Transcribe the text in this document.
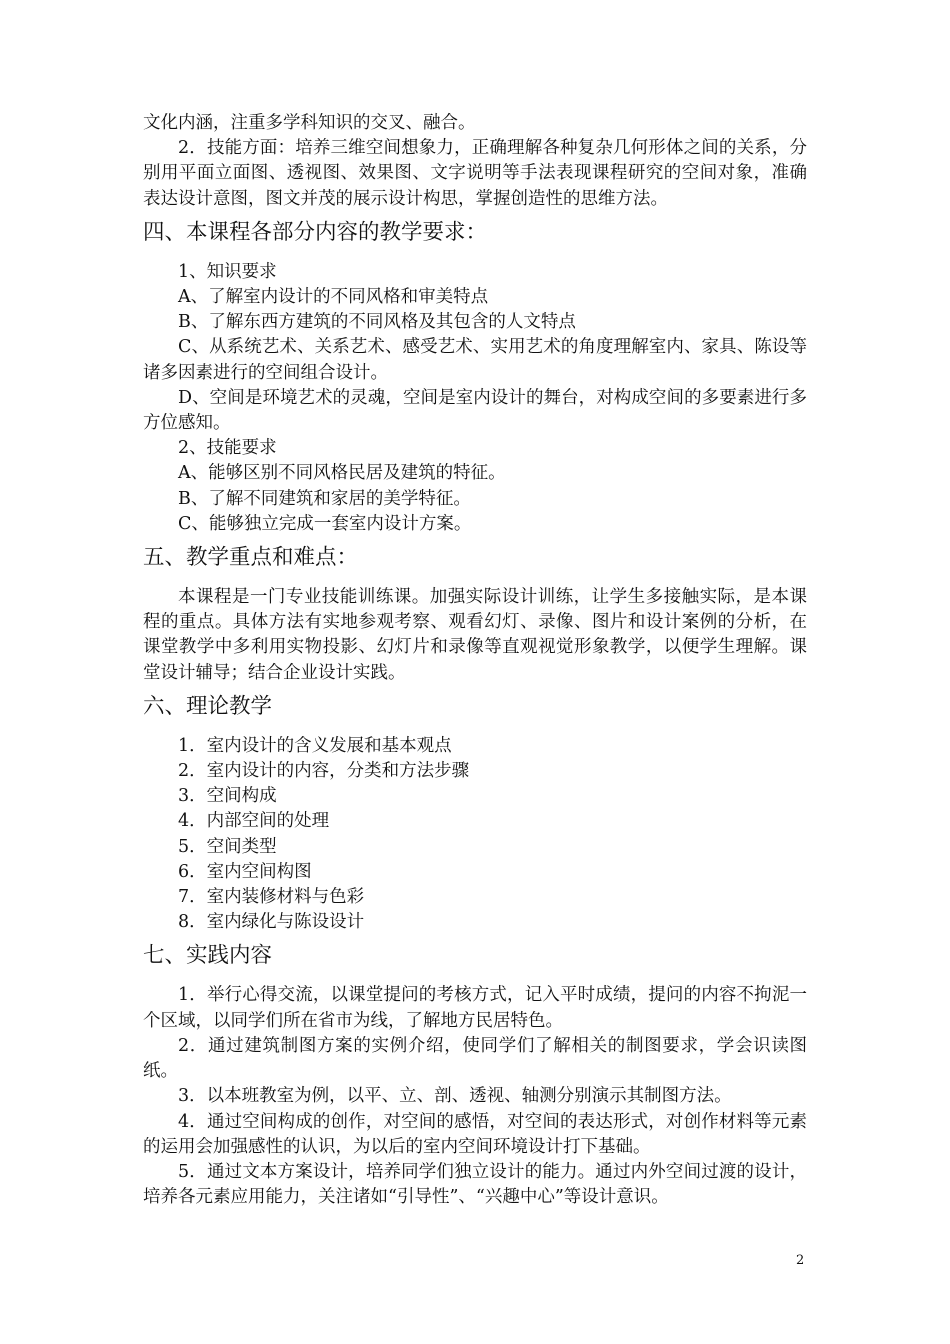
文化内涵，注重多学科知识的交叉、融合。

2．技能方面：培养三维空间想象力，正确理解各种复杂几何形体之间的关系，分别用平面立面图、透视图、效果图、文字说明等手法表现课程研究的空间对象，准确表达设计意图，图文并茂的展示设计构思，掌握创造性的思维方法。

四、本课程各部分内容的教学要求：

1、知识要求

A、了解室内设计的不同风格和审美特点

B、了解东西方建筑的不同风格及其包含的人文特点

C、从系统艺术、关系艺术、感受艺术、实用艺术的角度理解室内、家具、陈设等诸多因素进行的空间组合设计。

D、空间是环境艺术的灵魂，空间是室内设计的舞台，对构成空间的多要素进行多方位感知。

2、技能要求

A、能够区别不同风格民居及建筑的特征。

B、了解不同建筑和家居的美学特征。

C、能够独立完成一套室内设计方案。

五、教学重点和难点：

本课程是一门专业技能训练课。加强实际设计训练，让学生多接触实际，是本课程的重点。具体方法有实地参观考察、观看幻灯、录像、图片和设计案例的分析，在课堂教学中多利用实物投影、幻灯片和录像等直观视觉形象教学，以便学生理解。课堂设计辅导；结合企业设计实践。

六、理论教学

1．室内设计的含义发展和基本观点

2．室内设计的内容，分类和方法步骤

3．空间构成

4．内部空间的处理

5．空间类型

6．室内空间构图

7．室内装修材料与色彩

8．室内绿化与陈设设计

七、实践内容

1．举行心得交流，以课堂提问的考核方式，记入平时成绩，提问的内容不拘泥一个区域，以同学们所在省市为线，了解地方民居特色。

2．通过建筑制图方案的实例介绍，使同学们了解相关的制图要求，学会识读图纸。

3．以本班教室为例，以平、立、剖、透视、轴测分别演示其制图方法。

4．通过空间构成的创作，对空间的感悟，对空间的表达形式，对创作材料等元素的运用会加强感性的认识，为以后的室内空间环境设计打下基础。

5．通过文本方案设计，培养同学们独立设计的能力。通过内外空间过渡的设计，培养各元素应用能力，关注诸如“引导性”、“兴趣中心”等设计意识。

2
